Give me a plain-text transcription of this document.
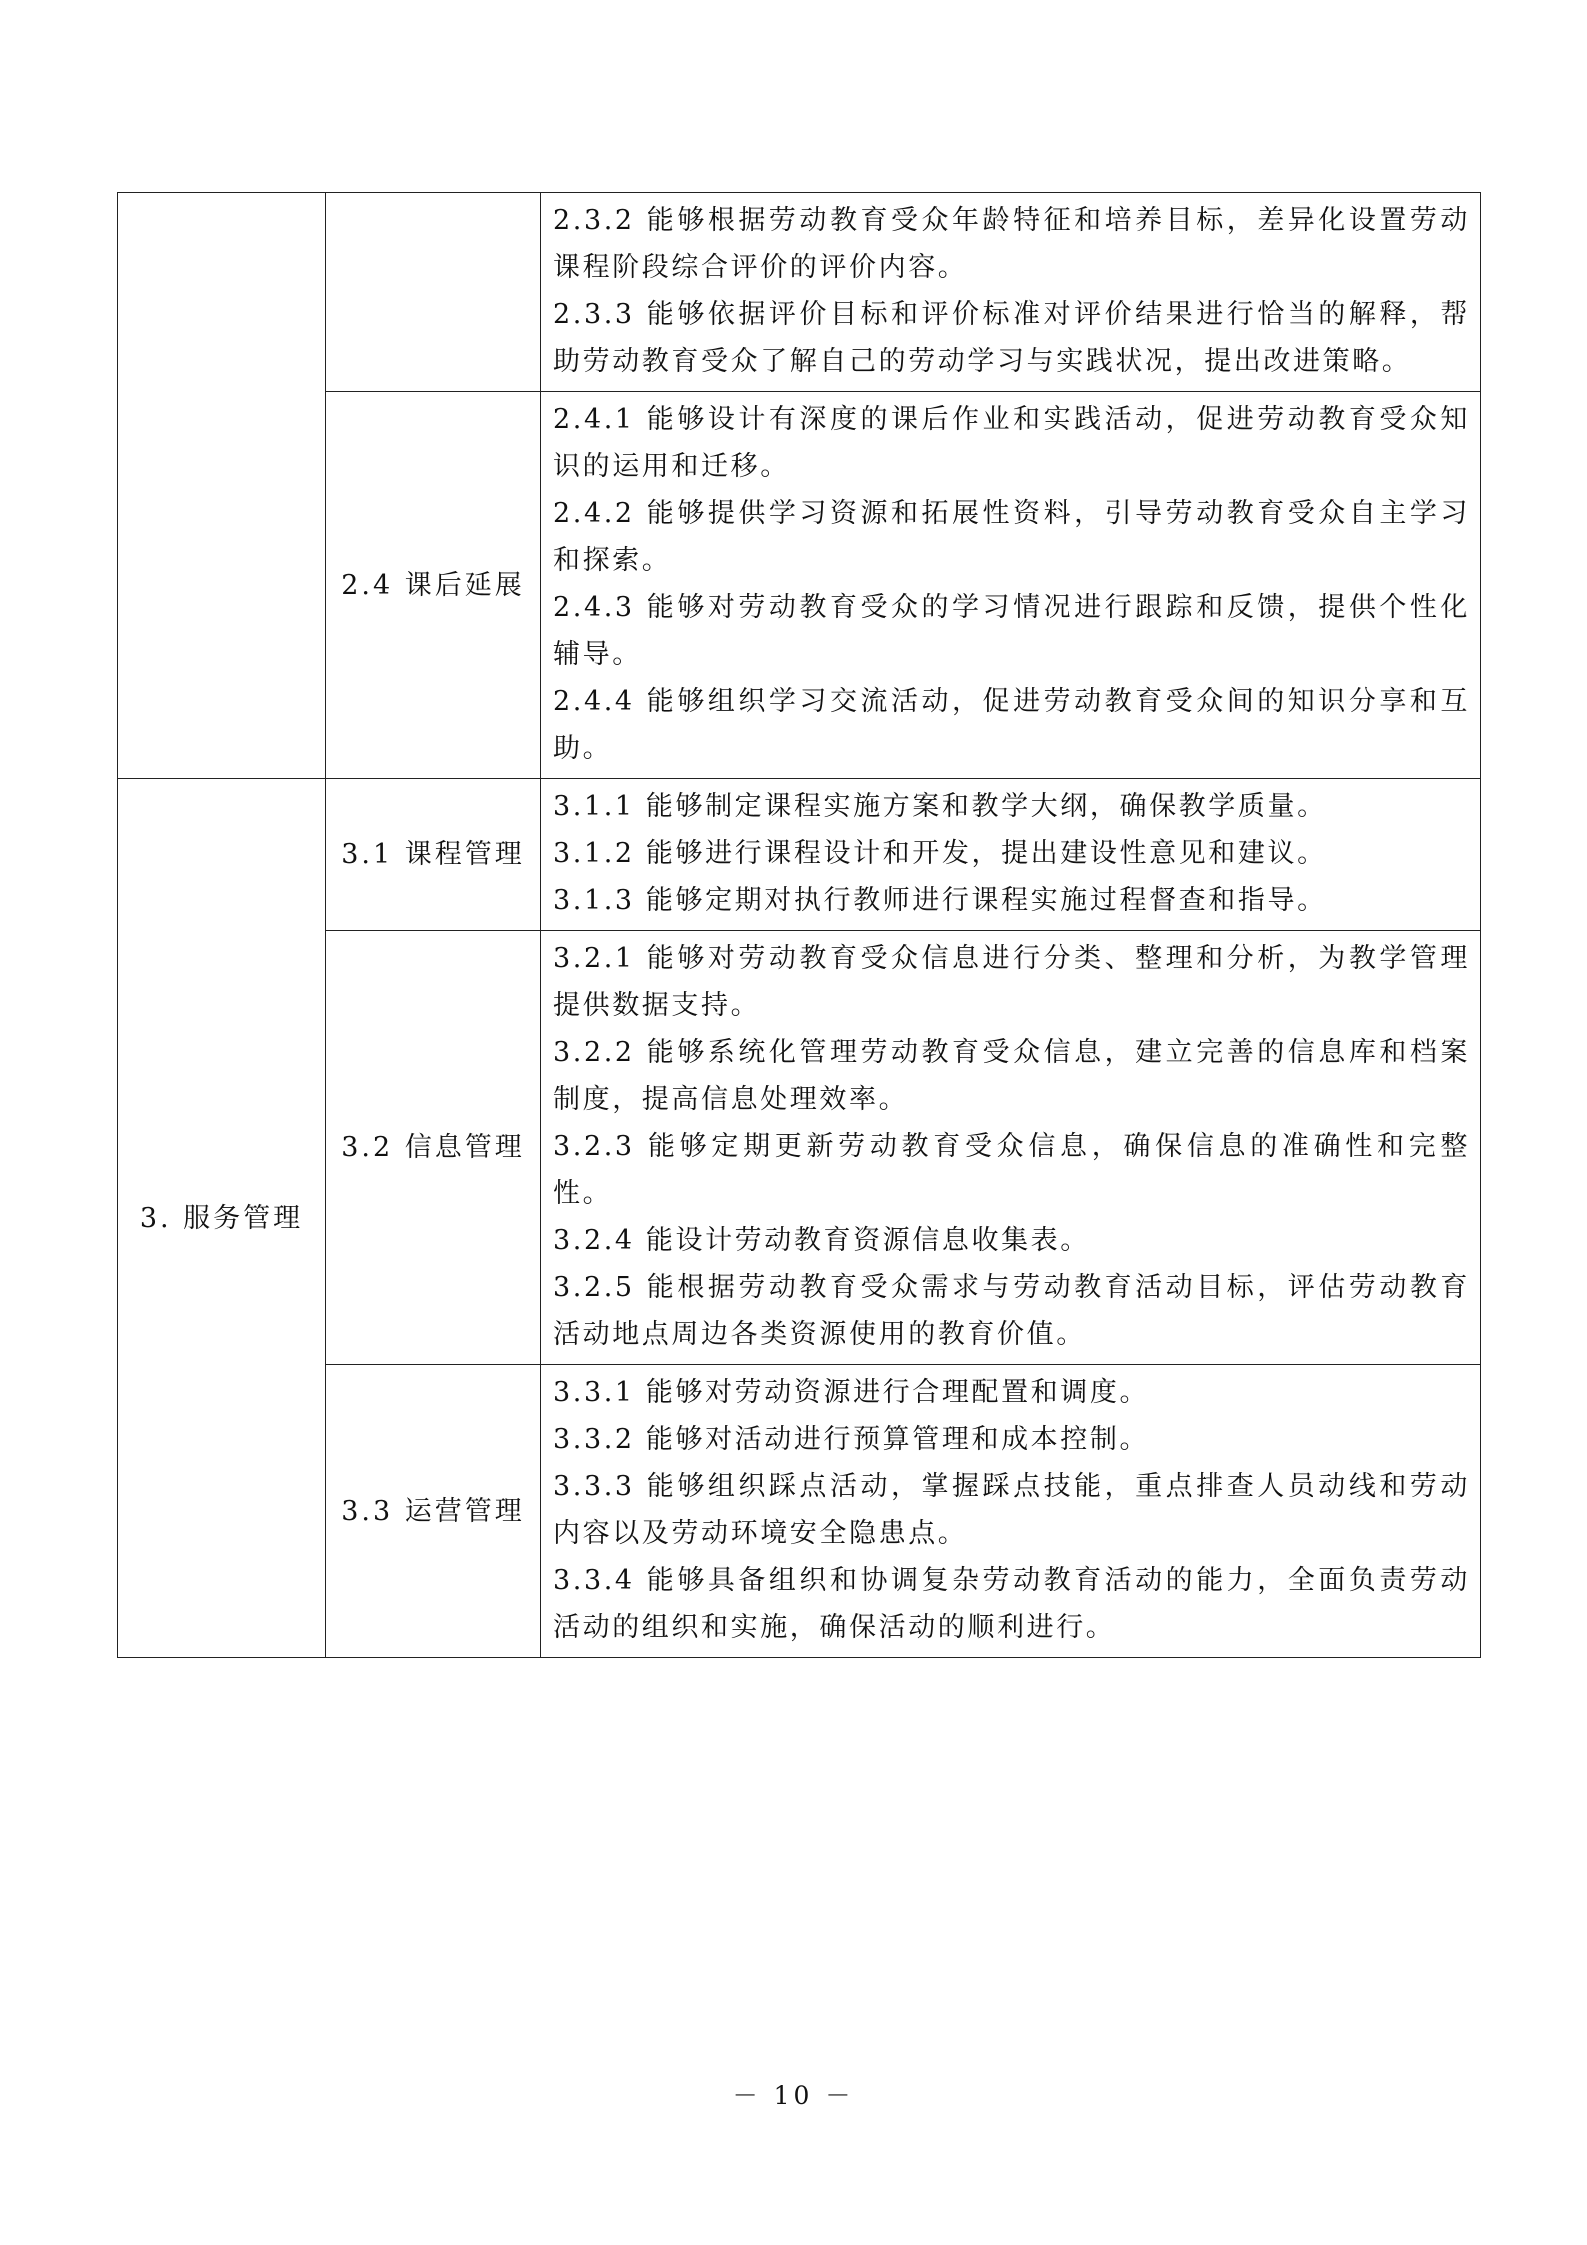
		2.3.2 能够根据劳动教育受众年龄特征和培养目标，差异化设置劳动课程阶段综合评价的评价内容。

2.3.3 能够依据评价目标和评价标准对评价结果进行恰当的解释，帮助劳动教育受众了解自己的劳动学习与实践状况，提出改进策略。

	2.4 课后延展	2.4.1 能够设计有深度的课后作业和实践活动，促进劳动教育受众知识的运用和迁移。

2.4.2 能够提供学习资源和拓展性资料，引导劳动教育受众自主学习和探索。

2.4.3 能够对劳动教育受众的学习情况进行跟踪和反馈，提供个性化辅导。

2.4.4 能够组织学习交流活动，促进劳动教育受众间的知识分享和互助。

3. 服务管理	3.1 课程管理	3.1.1 能够制定课程实施方案和教学大纲，确保教学质量。

3.1.2 能够进行课程设计和开发，提出建设性意见和建议。

3.1.3 能够定期对执行教师进行课程实施过程督查和指导。

	3.2 信息管理	3.2.1 能够对劳动教育受众信息进行分类、整理和分析，为教学管理提供数据支持。

3.2.2 能够系统化管理劳动教育受众信息，建立完善的信息库和档案制度，提高信息处理效率。

3.2.3 能够定期更新劳动教育受众信息，确保信息的准确性和完整性。

3.2.4 能设计劳动教育资源信息收集表。

3.2.5 能根据劳动教育受众需求与劳动教育活动目标，评估劳动教育活动地点周边各类资源使用的教育价值。

	3.3 运营管理	3.3.1 能够对劳动资源进行合理配置和调度。

3.3.2 能够对活动进行预算管理和成本控制。

3.3.3 能够组织踩点活动，掌握踩点技能，重点排查人员动线和劳动内容以及劳动环境安全隐患点。

3.3.4 能够具备组织和协调复杂劳动教育活动的能力，全面负责劳动活动的组织和实施，确保活动的顺利进行。

－ 10 －
